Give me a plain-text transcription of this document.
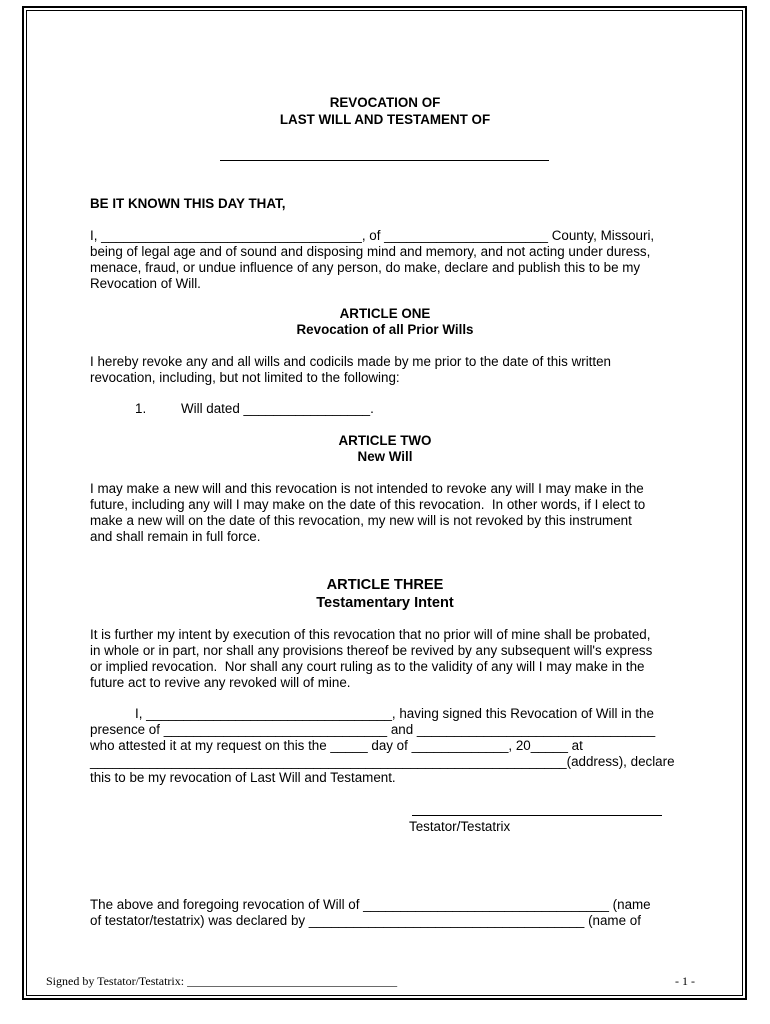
REVOCATION OF
LAST WILL AND TESTAMENT OF
BE IT KNOWN THIS DAY THAT,
I, ___________________________________, of ______________________ County, Missouri,
being of legal age and of sound and disposing mind and memory, and not acting under duress,
menace, fraud, or undue influence of any person, do make, declare and publish this to be my
Revocation of Will.
ARTICLE ONE
Revocation of all Prior Wills
I hereby revoke any and all wills and codicils made by me prior to the date of this written
revocation, including, but not limited to the following:
1.	Will dated _________________.
ARTICLE TWO
New Will
I may make a new will and this revocation is not intended to revoke any will I may make in the
future, including any will I may make on the date of this revocation.  In other words, if I elect to
make a new will on the date of this revocation, my new will is not revoked by this instrument
and shall remain in full force.
ARTICLE THREE
Testamentary Intent
It is further my intent by execution of this revocation that no prior will of mine shall be probated,
in whole or in part, nor shall any provisions thereof be revived by any subsequent will's express
or implied revocation.  Nor shall any court ruling as to the validity of any will I may make in the
future act to revive any revoked will of mine.
I, _________________________________, having signed this Revocation of Will in the
presence of ______________________________ and ________________________________
who attested it at my request on this the _____ day of _____________, 20_____ at
________________________________________________________________(address), declare
this to be my revocation of Last Will and Testament.
Testator/Testatrix
The above and foregoing revocation of Will of _________________________________ (name
of testator/testatrix) was declared by _____________________________________ (name of
Signed by Testator/Testatrix: ___________________________________	- 1 -
